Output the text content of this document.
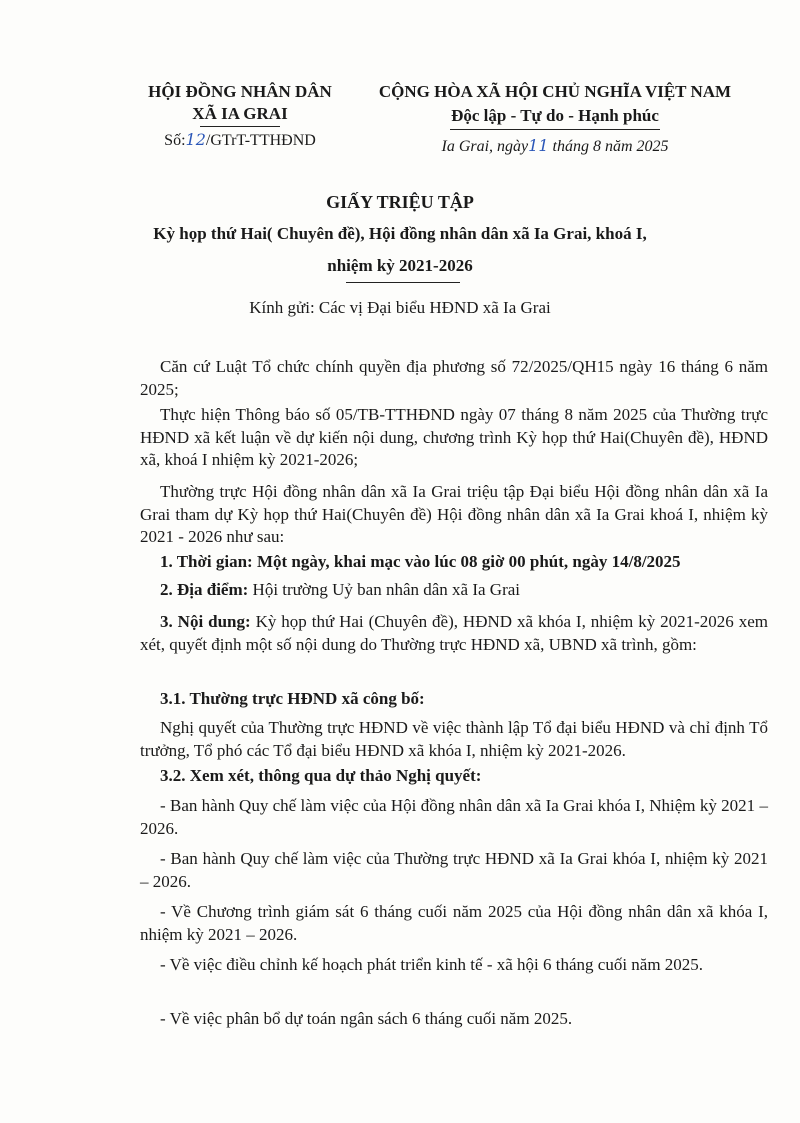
HỘI ĐỒNG NHÂN DÂN
XÃ IA GRAI
Số:12/GTrT-TTHĐND
CỘNG HÒA XÃ HỘI CHỦ NGHĨA VIỆT NAM
Độc lập - Tự do - Hạnh phúc
Ia Grai, ngày11 tháng 8 năm 2025
GIẤY TRIỆU TẬP
Kỳ họp thứ Hai( Chuyên đề), Hội đồng nhân dân xã Ia Grai, khoá I,
nhiệm kỳ 2021-2026
Kính gửi: Các vị Đại biểu HĐND xã Ia Grai

Căn cứ Luật Tổ chức chính quyền địa phương số 72/2025/QH15 ngày 16 tháng 6 năm 2025;

Thực hiện Thông báo số 05/TB-TTHĐND ngày 07 tháng 8 năm 2025 của Thường trực HĐND xã kết luận về dự kiến nội dung, chương trình Kỳ họp thứ Hai(Chuyên đề), HĐND xã, khoá I nhiệm kỳ 2021-2026;

Thường trực Hội đồng nhân dân xã Ia Grai triệu tập Đại biểu Hội đồng nhân dân xã Ia Grai tham dự Kỳ họp thứ Hai(Chuyên đề) Hội đồng nhân dân xã Ia Grai khoá I, nhiệm kỳ 2021 - 2026 như sau:

1. Thời gian: Một ngày, khai mạc vào lúc 08 giờ 00 phút, ngày 14/8/2025
2. Địa điểm: Hội trường Uỷ ban nhân dân xã Ia Grai

3. Nội dung: Kỳ họp thứ Hai (Chuyên đề), HĐND xã khóa I, nhiệm kỳ 2021-2026 xem xét, quyết định một số nội dung do Thường trực HĐND xã, UBND xã trình, gồm:

3.1. Thường trực HĐND xã công bố:

Nghị quyết của Thường trực HĐND về việc thành lập Tổ đại biểu HĐND và chỉ định Tổ trưởng, Tổ phó các Tổ đại biểu HĐND xã khóa I, nhiệm kỳ 2021-2026.

3.2. Xem xét, thông qua dự thảo Nghị quyết:

- Ban hành Quy chế làm việc của Hội đồng nhân dân xã Ia Grai khóa I, Nhiệm kỳ 2021 – 2026.

- Ban hành Quy chế làm việc của Thường trực HĐND xã Ia Grai khóa I, nhiệm kỳ 2021 – 2026.

- Về Chương trình giám sát 6 tháng cuối năm 2025 của Hội đồng nhân dân xã khóa I, nhiệm kỳ 2021 – 2026.

- Về việc điều chỉnh kế hoạch phát triển kinh tế - xã hội 6 tháng cuối năm 2025.

- Về việc phân bổ dự toán ngân sách 6 tháng cuối năm 2025.
